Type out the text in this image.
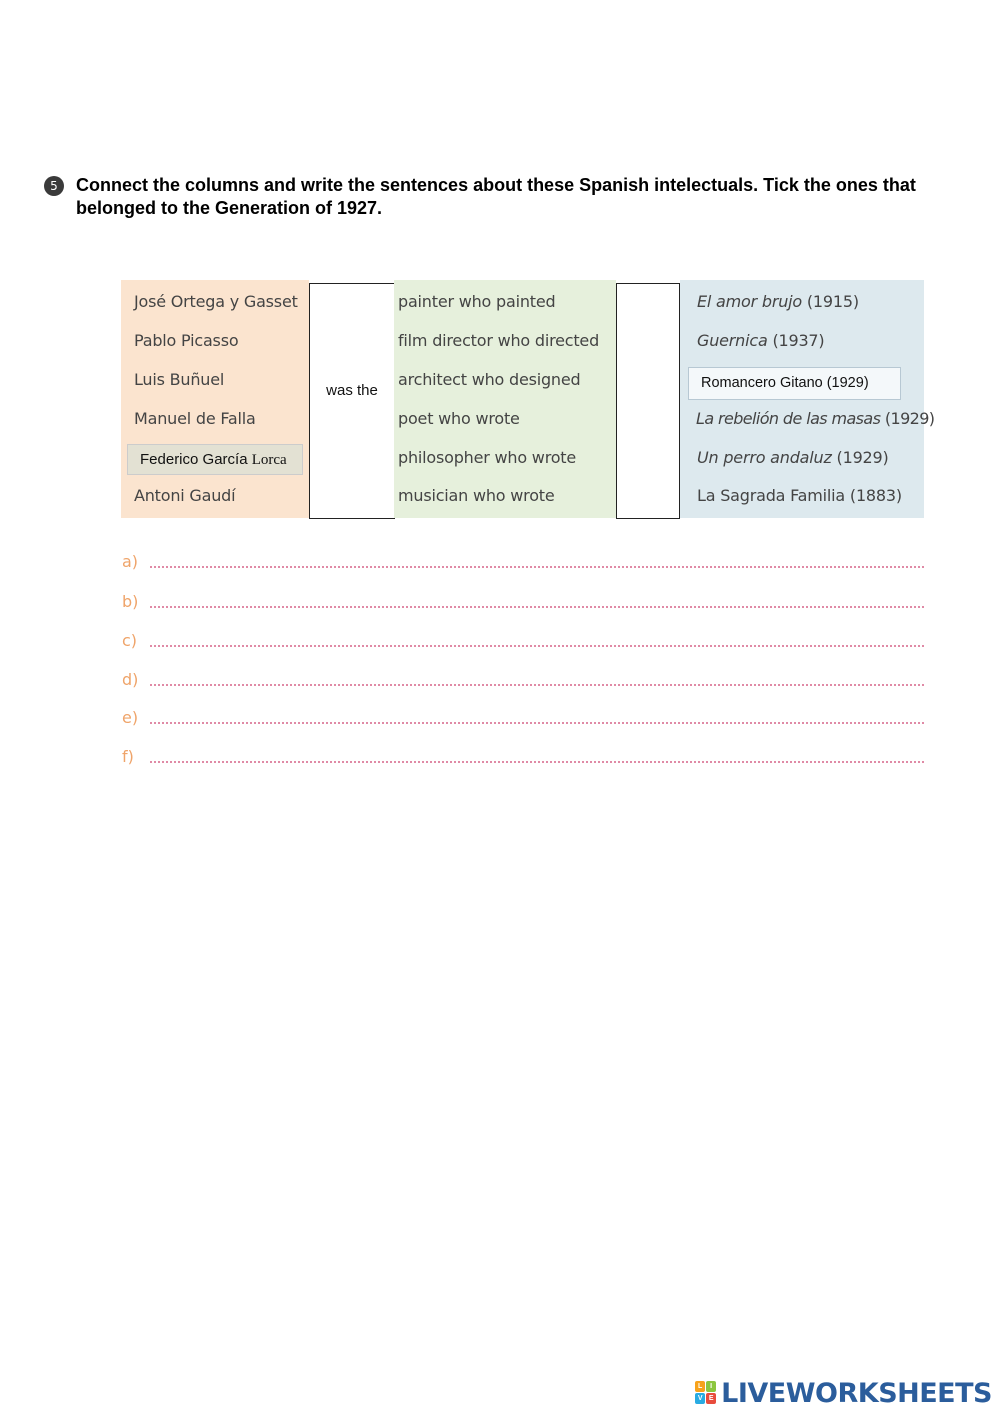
5	Connect the columns and write the sentences about these Spanish intelectuals. Tick the ones that belonged to the Generation of 1927.
José Ortega y Gasset
Pablo Picasso
Luis Buñuel
Manuel de Falla
Antoni Gaudí
Federico García Lorca
was the
painter who painted
film director who directed
architect who designed
poet who wrote
philosopher who wrote
musician who wrote
El amor brujo (1915)
Guernica (1937)
La rebelión de las masas (1929)
Un perro andaluz (1929)
La Sagrada Familia (1883)
Romancero Gitano (1929)
a)
b)
c)
d)
e)
f)
L	I
V E LIVEWORKSHEETS
